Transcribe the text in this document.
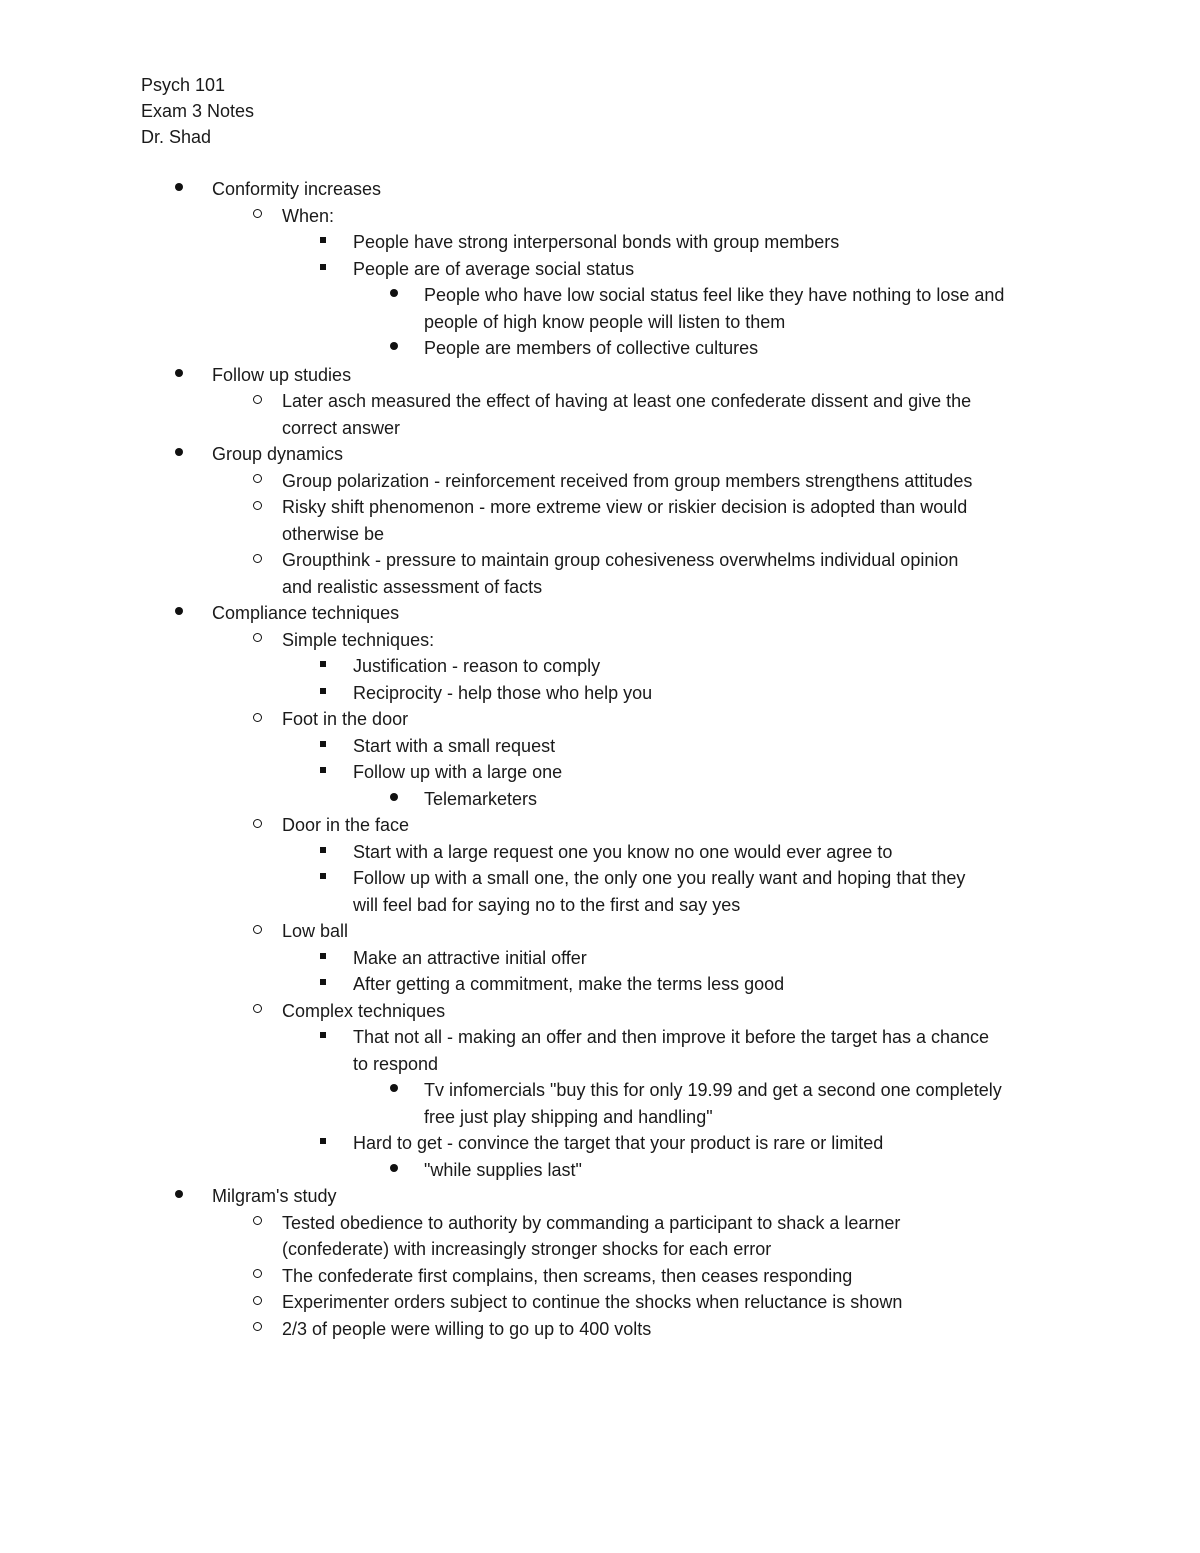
Psych 101
Exam 3 Notes
Dr. Shad
Conformity increases
When:
People have strong interpersonal bonds with group members
People are of average social status
People who have low social status feel like they have nothing to lose and
people of high know people will listen to them
People are members of collective cultures
Follow up studies
Later asch measured the effect of having at least one confederate dissent and give the
correct answer
Group dynamics
Group polarization - reinforcement received from group members strengthens attitudes
Risky shift phenomenon - more extreme view or riskier decision is adopted than would
otherwise be
Groupthink - pressure to maintain group cohesiveness overwhelms individual opinion
and realistic assessment of facts
Compliance techniques
Simple techniques:
Justification - reason to comply
Reciprocity - help those who help you
Foot in the door
Start with a small request
Follow up with a large one
Telemarketers
Door in the face
Start with a large request one you know no one would ever agree to
Follow up with a small one, the only one you really want and hoping that they
will feel bad for saying no to the first and say yes
Low ball
Make an attractive initial offer
After getting a commitment, make the terms less good
Complex techniques
That not all - making an offer and then improve it before the target has a chance
to respond
Tv infomercials "buy this for only 19.99 and get a second one completely
free just play shipping and handling"
Hard to get - convince the target that your product is rare or limited
"while supplies last"
Milgram's study
Tested obedience to authority by commanding a participant to shack a learner
(confederate) with increasingly stronger shocks for each error
The confederate first complains, then screams, then ceases responding
Experimenter orders subject to continue the shocks when reluctance is shown
2/3 of people were willing to go up to 400 volts
